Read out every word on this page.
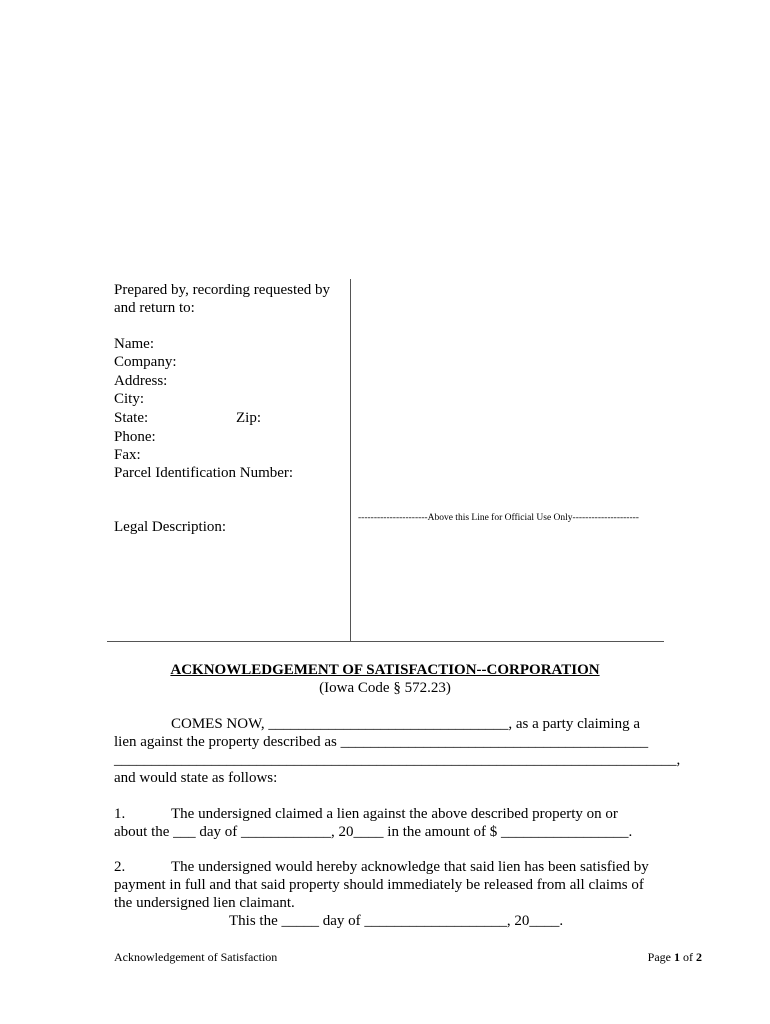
Prepared by, recording requested by
and return to:
Name:
Company:
Address:
City:
State:	Zip:
Phone:
Fax:
Parcel Identification Number:
Legal Description:
----------------------Above this Line for Official Use Only---------------------
ACKNOWLEDGEMENT OF SATISFACTION--CORPORATION
(Iowa Code § 572.23)
COMES NOW, ________________________________, as a party claiming a
lien against the property described as _________________________________________
___________________________________________________________________________,
and would state as follows:
1.	The undersigned claimed a lien against the above described property on or
about the ___ day of ____________, 20____ in the amount of $ _________________.
2.	The undersigned would hereby acknowledge that said lien has been satisfied by
payment in full and that said property should immediately be released from all claims of
the undersigned lien claimant.
This the _____ day of ___________________, 20____.
Acknowledgement of Satisfaction	Page 1 of 2
